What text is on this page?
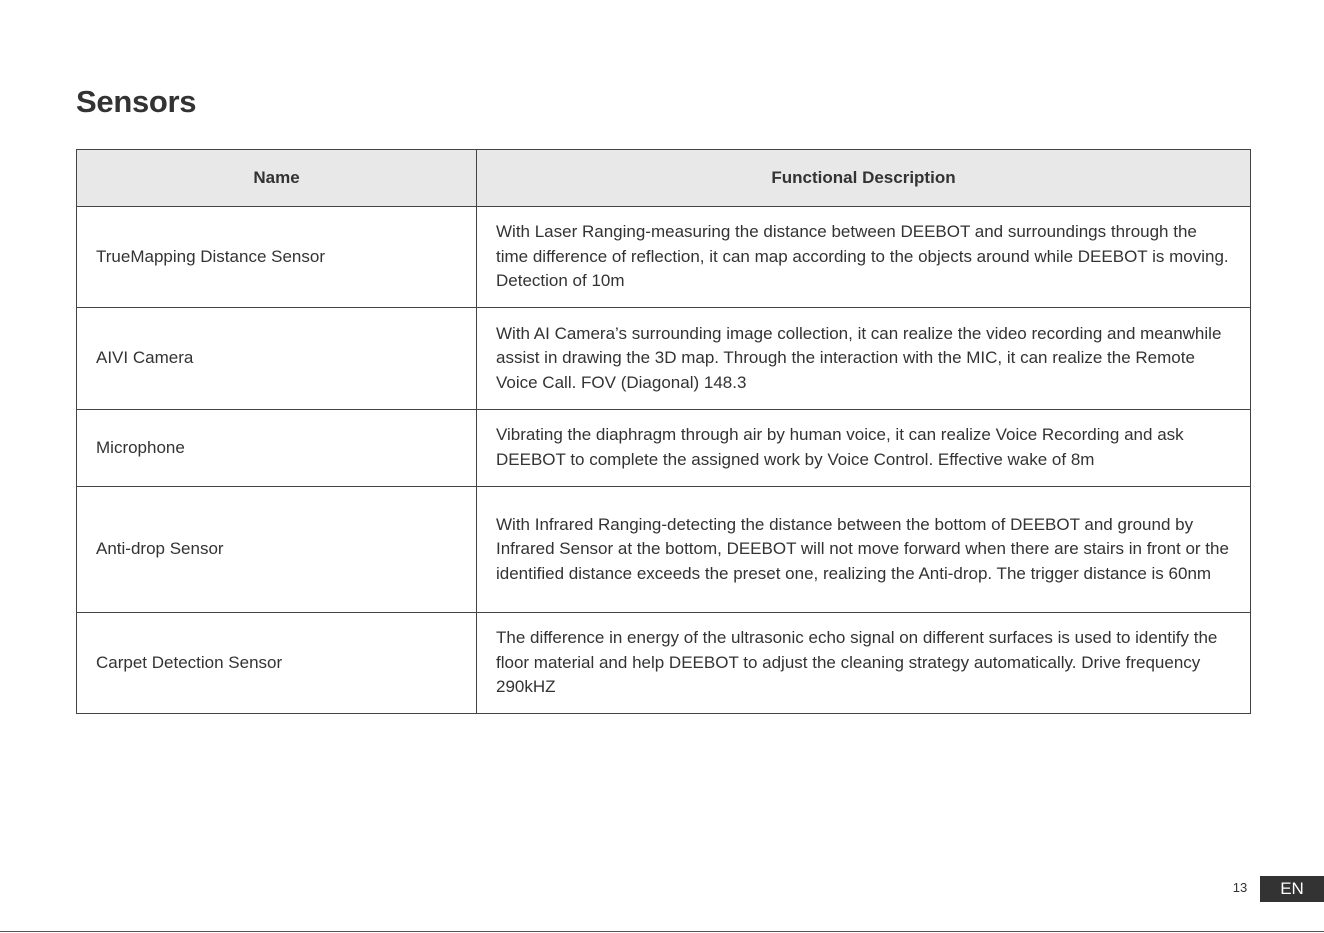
Sensors
Name	Functional Description
TrueMapping Distance Sensor	With Laser Ranging-measuring the distance between DEEBOT and surroundings through the time difference of reflection, it can map according to the objects around while DEEBOT is moving. Detection of 10m
AIVI Camera	With AI Camera’s surrounding image collection, it can realize the video recording and meanwhile assist in drawing the 3D map. Through the interaction with the MIC, it can realize the Remote Voice Call. FOV (Diagonal) 148.3
Microphone	Vibrating the diaphragm through air by human voice, it can realize Voice Recording and ask DEEBOT to complete the assigned work by Voice Control. Effective wake of 8m
Anti-drop Sensor	With Infrared Ranging-detecting the distance between the bottom of DEEBOT and ground by Infrared Sensor at the bottom, DEEBOT will not move forward when there are stairs in front or the identified distance exceeds the preset one, realizing the Anti-drop. The trigger distance is 60nm
Carpet Detection Sensor	The difference in energy of the ultrasonic echo signal on different surfaces is used to identify the floor material and help DEEBOT to adjust the cleaning strategy automatically. Drive frequency 290kHZ
13	EN
